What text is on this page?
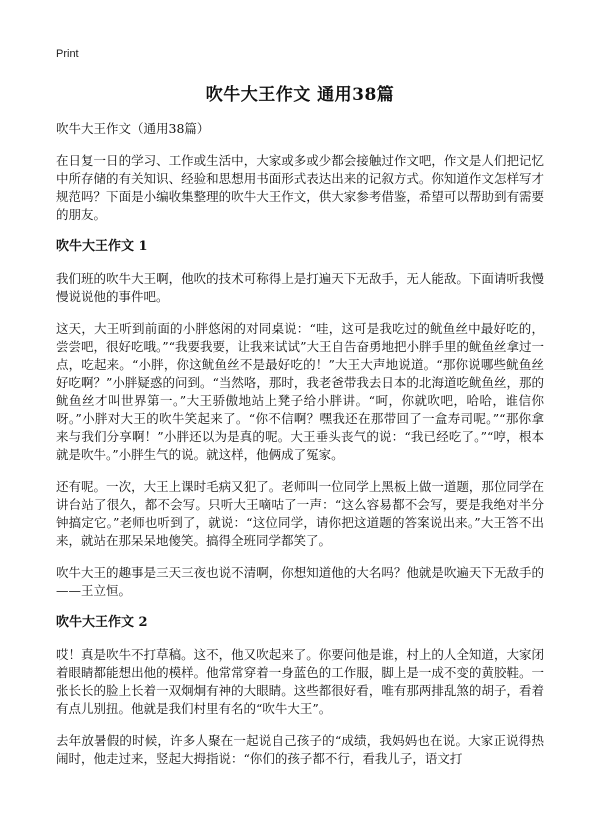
Print
吹牛大王作文 通用38篇

吹牛大王作文（通用38篇）

在日复一日的学习、工作或生活中，大家或多或少都会接触过作文吧，作文是人们把记忆中所存储的有关知识、经验和思想用书面形式表达出来的记叙方式。你知道作文怎样写才规范吗？下面是小编收集整理的吹牛大王作文，供大家参考借鉴，希望可以帮助到有需要的朋友。

吹牛大王作文 1

我们班的吹牛大王啊，他吹的技术可称得上是打遍天下无敌手，无人能敌。下面请听我慢慢说说他的事件吧。

这天，大王听到前面的小胖悠闲的对同桌说：“哇，这可是我吃过的鱿鱼丝中最好吃的，尝尝吧，很好吃哦。”“我要我要，让我来试试”大王自告奋勇地把小胖手里的鱿鱼丝拿过一点，吃起来。“小胖，你这鱿鱼丝不是最好吃的！”大王大声地说道。“那你说哪些鱿鱼丝好吃啊？”小胖疑惑的问到。“当然咯，那时，我老爸带我去日本的北海道吃鱿鱼丝，那的鱿鱼丝才叫世界第一。”大王骄傲地站上凳子给小胖讲。“呵，你就吹吧，哈哈，谁信你呀。”小胖对大王的吹牛笑起来了。“你不信啊？嘿我还在那带回了一盒寿司呢。”“那你拿来与我们分享啊！”小胖还以为是真的呢。大王垂头丧气的说：“我已经吃了。”“哼，根本就是吹牛。”小胖生气的说。就这样，他俩成了冤家。

还有呢。一次，大王上课时毛病又犯了。老师叫一位同学上黑板上做一道题，那位同学在讲台站了很久，都不会写。只听大王嘀咕了一声：“这么容易都不会写，要是我绝对半分钟搞定它。”老师也听到了，就说：“这位同学，请你把这道题的答案说出来。”大王答不出来，就站在那呆呆地傻笑。搞得全班同学都笑了。

吹牛大王的趣事是三天三夜也说不清啊，你想知道他的大名吗？他就是吹遍天下无敌手的——王立恒。

吹牛大王作文 2

哎！真是吹牛不打草稿。这不，他又吹起来了。你要问他是谁，村上的人全知道，大家闭着眼睛都能想出他的模样。他常常穿着一身蓝色的工作服，脚上是一成不变的黄胶鞋。一张长长的脸上长着一双炯炯有神的大眼睛。这些都很好看，唯有那两排乱煞的胡子，看着有点儿别扭。他就是我们村里有名的“吹牛大王”。

去年放暑假的时候，许多人聚在一起说自己孩子的“成绩，我妈妈也在说。大家正说得热闹时，他走过来，竖起大拇指说：“你们的孩子都不行，看我儿子，语文打
